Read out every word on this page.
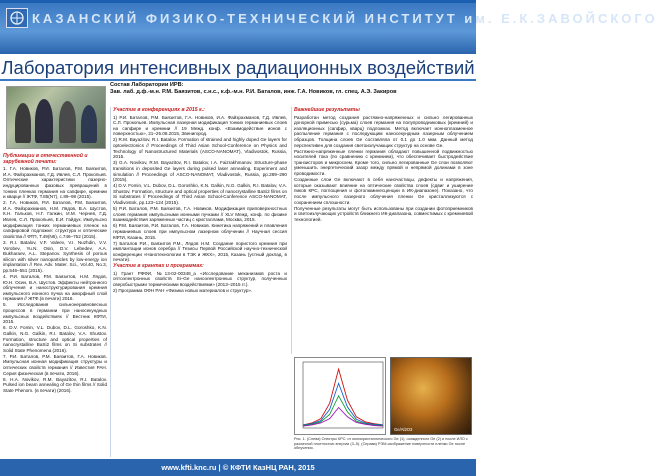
КАЗАНСКИЙ ФИЗИКО-ТЕХНИЧЕСКИЙ ИНСТИТУТ им. Е.К.ЗАВОЙСКОГО
Лаборатория интенсивных радиационных воздействий
Состав Лаборатории ИРВ:
Зав. лаб. д.ф.-м.н. Р.М. Баязитов, с.н.с., к.ф.-м.н. Р.И. Баталов, инж. Г.А. Новиков, гл. спец. А.Э. Закиров
Публикации в отечественной и зарубежной печати:

1. Г.А. Новиков, Р.И. Баталов, Р.М. Баязитов, И.А. Файзрахманов, Г.Д. Ивлев, С.Л. Прокопьев. Оптические характеристики лазерно-индуцированных фазовых превращений в тонких пленках германия на сапфире, кремнии и кварце // ЖТФ, Т.85(N7), с.89–98 (2015).

2. Г.А. Новиков, Р.И. Баталов, Р.М. Баязитов, И.А. Файзрахманов, Н.М. Лядов, В.А. Шустов, К.Н. Гальков, Н.Г. Галкин, И.М. Чернев, Г.Д. Ивлев, С.Л. Прокопьев, Е.И. Гайдук. Импульсно модификация тонких германиевых пленок на сапфировой подложке: структура и оптические свойства // ФТП, Т.49(N6), с.746–752 (2015).

3. R.I. Batalov, V.F. Valeev, V.I. Nuzhdin, V.V. Vorobev, Yu.N. Osin, D.V. Lebedev, A.A. Bukharaev, A.L. Stepanov. Synthesis of porous silicon with silver nanoparticles by low-energy ion implantation // Rev. Adv. Mater. Sci., Vol.40, No.3, pp.546–551 (2015).

4. Р.И. Баталов, Р.М. Баязитов, Н.М. Лядов, Ю.Н. Осин, В.А. Шустов. Эффекты нейтронного облучения и наноструктурирования кремния импульсного ионного пучка на аморфный слой германия // ЖТФ.(в печати) 2016.

5. Исследования сильнонеравновесных процессов в германии при наносекундных импульсных воздействиях // Вестник КФТИ, 2015.

6. D.V. Fomin, V.L. Dubov, D.L. Goroshko, K.N. Galkin, N.G. Galkin, R.I. Batalov, V.A. Shustov. Formation, structure and optical properties of nanocrystalline BaSi2 films on Si substrates // Solid State Phenomena (2016).

7. Р.И. Баталов, Р.М. Баязитов, Г.А. Новиков. Импульсная ионная модификация структуры и оптических свойств германия // Известия РАН. Серия физическая (в печати, 2016).

8. H.A. Novikov, R.M. Bayazitov, R.I. Batalov. Pulsed ion beam annealing of Ge thin films // Solid State Phenom. (в печати) (2016).

Участие в конференциях в 2015 г.:

1) Р.И. Баталов, Р.М. Баязитов, Г.А. Новиков, И.А. Файзрахманов, Г.Д. Ивлев, С.Л. Прокопьев. Импульсная лазерная модификация тонких германиевых слоев на сапфире и кремнии // 19 Межд. конф. «Взаимодействие ионов с поверхностью», 21–25.08.2015, Звенигород.

2) R.M. Bayazitov, R.I. Batalov. Formation of strained and highly doped Ge layers for optoelectronics // Proceedings of Third Asian School-Conference on Physics and Technology of Nanostructured Materials (ASCO-NANOMAT), Vladivostok, Russia, 2015.

3) G.A. Novikov, R.M. Bayazitov, R.I. Batalov, I.A. Faizrakhmanov. Structure-phase transitions in deposited Ge layers during pulsed laser annealing. Experiment and simulation // Proceedings of ASCO-NANOMAT, Vladivostok, Russia, pp.289–290 (2015).

4) D.V. Fomin, V.L. Dubov, D.L. Goroshko, K.N. Galkin, N.G. Galkin, R.I. Batalov, V.A. Shustov. Formation, structure and optical properties of nanocrystalline BaSi2 films on Si substrates // Proceedings of Third Asian School-Conference ASCO-NANOMAT, Vladivostok, pp.123–124 (2015).

5) Р.И. Баталов, Р.М. Баязитов, Г.А. Новиков. Модификация приповерхностных слоев германия импульсными ионными пучками // XLV Межд. конф. по физике взаимодействия заряженных частиц с кристаллами, Москва, 2015.

6) Р.М. Баязитов, Р.И. Баталов, Г.А. Новиков. Кинетика напряжений и плавления германиевых слоев при импульсном лазерном облучении // Научная сессия КФТИ, Казань, 2015.

7) Баталов Р.И., Баязитов Р.М., Лядов Н.М. Создание пористого кремния при имплантации ионов серебра // Тезисы Первой Российской научно-технической конференции «Нанотехнологии в ТЭК и ЖКХ», 2015, Казань (устный доклад, в печати).

Участие в грантах и программах:

1) Грант РФФИ, №13-02-00348_а «Исследование механизмов роста и оптоэлектронных свойств Si–Ge наноэлектронных структур, полученных сверхбыстрыми термическими воздействиями» (2013–2015 гг.).

2) Программа ОФН РАН «Физика новых материалов и структур».

Важнейшие результаты

Разработан метод создания растяжно-напряженных и сильно легированных донорной примесью (сурьма) слоев германия на полупроводниковых (кремний) и изоляционных (сапфир, кварц) подложках. Метод включает ионноплазменное распыление германия с последующим наносекундным лазерным облучением образцов. Толщина слоев Ge составляла от 0.1 до 1.0 мкм. Данный метод перспективен для создания светоизлучающих структур на основе Ge.

Растяжно-напряженные пленки германия обладают повышенной подвижностью носителей тока (по сравнению с кремнием), что обеспечивает быстродействие транзисторов и микросхем. Кроме того, сильно легированные Ge слои позволяют уменьшить энергетический зазор между прямой и непрямой долинами в зоне проводимости.

Созданные слои Ge включают в себя наночастицы, дефекты и напряжения, которые оказывают влияние на оптические свойства слоев (сдвиг и уширение пиков КРС, поглощения и фотолюминесценции в ИК-диапазоне). Показано, что после импульсного лазерного облучения пленки Ge кристаллизуются с сохранением сплошности.

Полученные результаты могут быть использованы при создании фотоприемников и светоизлучающих устройств ближнего ИК-диапазона, совместимых с кремниевой технологией.

Ge/Al2O3
Рис. 1. (Слева) Спектры КРС: от монокристаллического Ge (1), осажденного Ge (2) и после ИЛО с различной плотностью энергии (3–5). (Справа) РЭМ-изображение поверхности пленки Ge после облучения.
www.kfti.knc.ru | © КФТИ КазНЦ РАН, 2015
